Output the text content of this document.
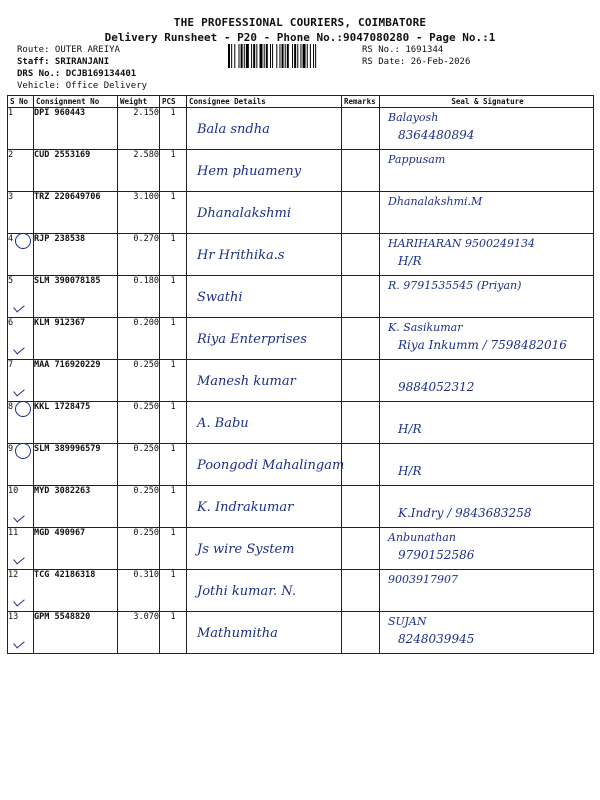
THE PROFESSIONAL COURIERS, COIMBATORE
Delivery Runsheet - P20 - Phone No.:9047080280 - Page No.:1
Route: OUTER AREIYA
Staff: SRIRANJANI
DRS No.: DCJB169134401
Vehicle: Office Delivery
RS No.: 1691344
RS Date: 26-Feb-2026
S No	Consignment No	Weight	PCS	Consignee Details	Remarks	Seal & Signature
1	DPI 960443	2.150	1	Bala sndha		Balayosh
8364480894

2	CUD 2553169	2.580	1	Hem phuameny		Pappusam

3	TRZ 220649706	3.100	1	Dhanalakshmi		Dhanalakshmi.M

4	RJP 238538	0.270	1	Hr Hrithika.s		HARIHARAN 9500249134
H/R

5	SLM 390078185	0.180	1	Swathi		R. 9791535545 (Priyan)

6	KLM 912367	0.200	1	Riya Enterprises		K. Sasikumar
Riya Inkumm / 7598482016

7	MAA 716920229	0.250	1	Manesh kumar		9884052312

8	KKL 1728475	0.250	1	A. Babu		H/R

9	SLM 389996579	0.250	1	Poongodi Mahalingam		H/R

10	MYD 3082263	0.250	1	K. Indrakumar		K.Indry / 9843683258

11	MGD 490967	0.250	1	Js wire System		Anbunathan
9790152586

12	TCG 42186318	0.310	1	Jothi kumar. N.		9003917907

13	GPM 5548820	3.070	1	Mathumitha		SUJAN
8248039945
